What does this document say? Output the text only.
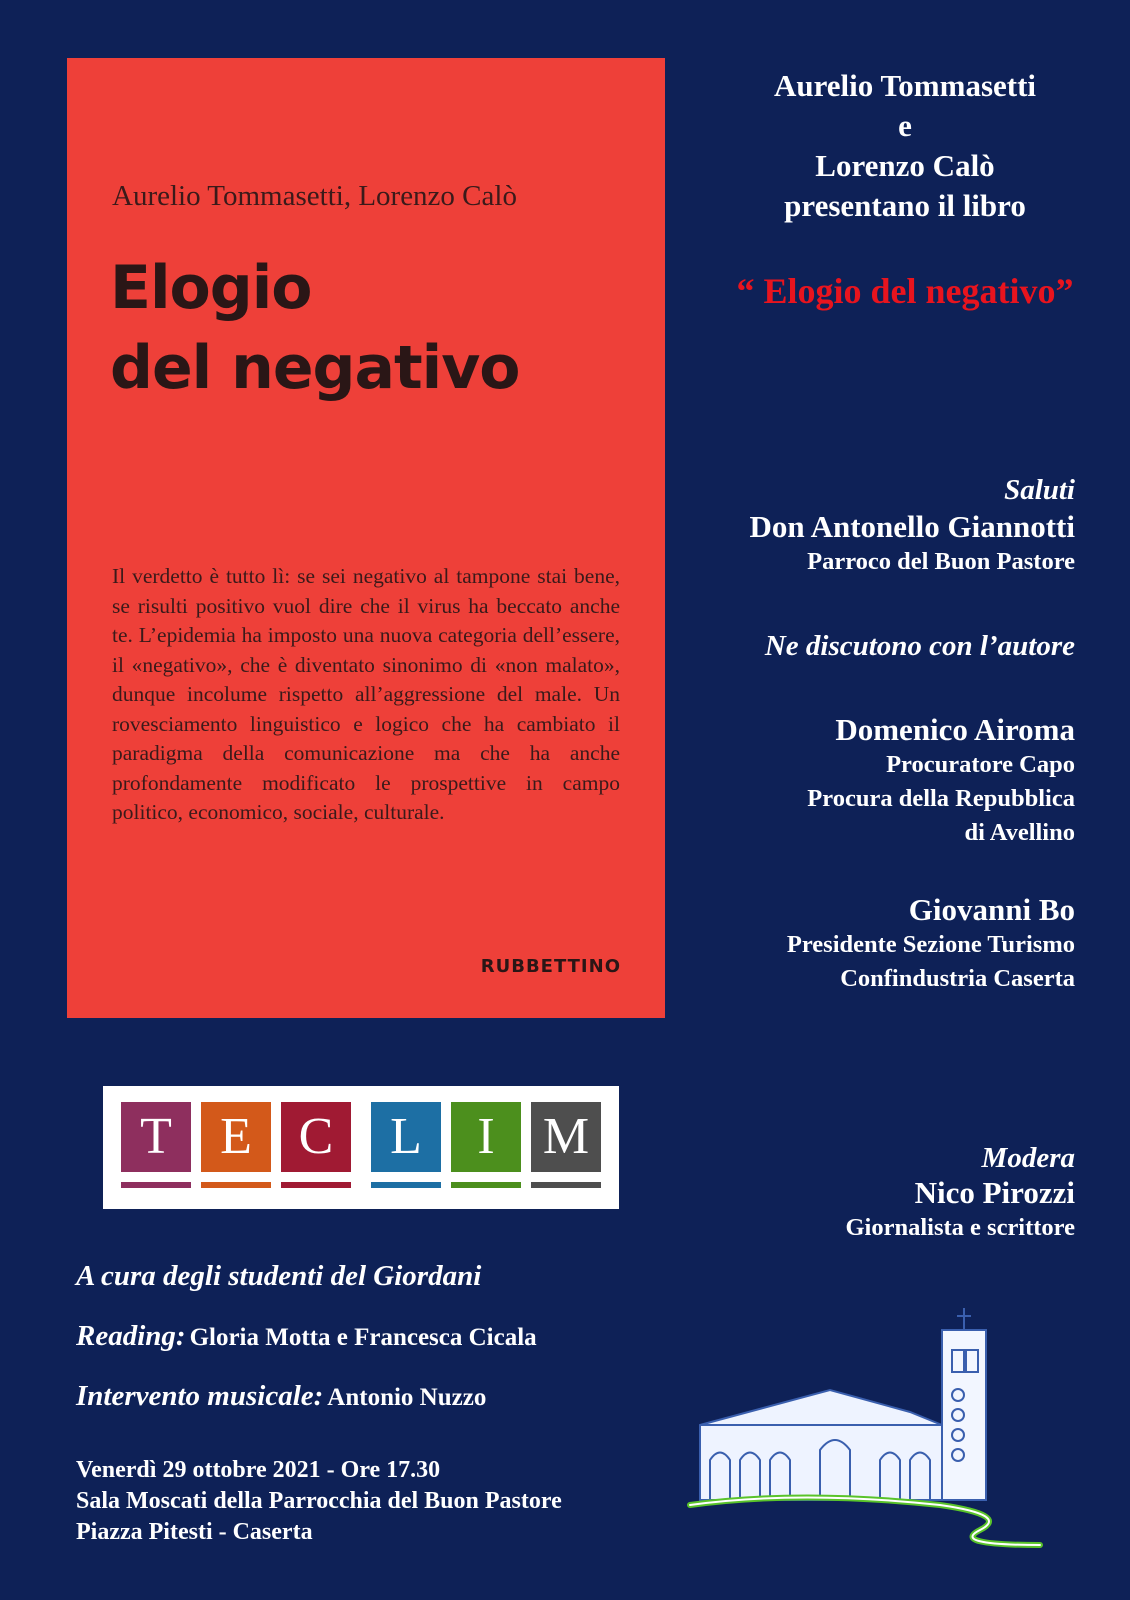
Aurelio Tommasetti, Lorenzo Calò
Elogio
del negativo
Il verdetto è tutto lì: se sei negativo al tampone stai bene, se risulti positivo vuol dire che il virus ha beccato anche te. L’epidemia ha imposto una nuova categoria dell’essere, il «negativo», che è diventato sinonimo di «non malato», dunque incolume rispetto all’aggressione del male. Un rovesciamento linguistico e logico che ha cambiato il paradigma della comunicazione ma che ha anche profondamente modificato le prospettive in campo politico, economico, sociale, culturale.
RUBBETTINO
Aurelio Tommasetti
e
Lorenzo Calò
presentano il libro
“ Elogio del negativo”
Saluti
Don Antonello Giannotti
Parroco del Buon Pastore
Ne discutono con l’autore
Domenico Airoma
Procuratore Capo
Procura della Repubblica
di Avellino
Giovanni Bo
Presidente Sezione Turismo
Confindustria Caserta
Modera
Nico Pirozzi
Giornalista e scrittore
T E C	L	I M
A cura degli studenti del Giordani
Reading: Gloria Motta e Francesca Cicala
Intervento musicale: Antonio Nuzzo
Venerdì 29 ottobre 2021 - Ore 17.30
Sala Moscati della Parrocchia del Buon Pastore
Piazza Pitesti - Caserta
